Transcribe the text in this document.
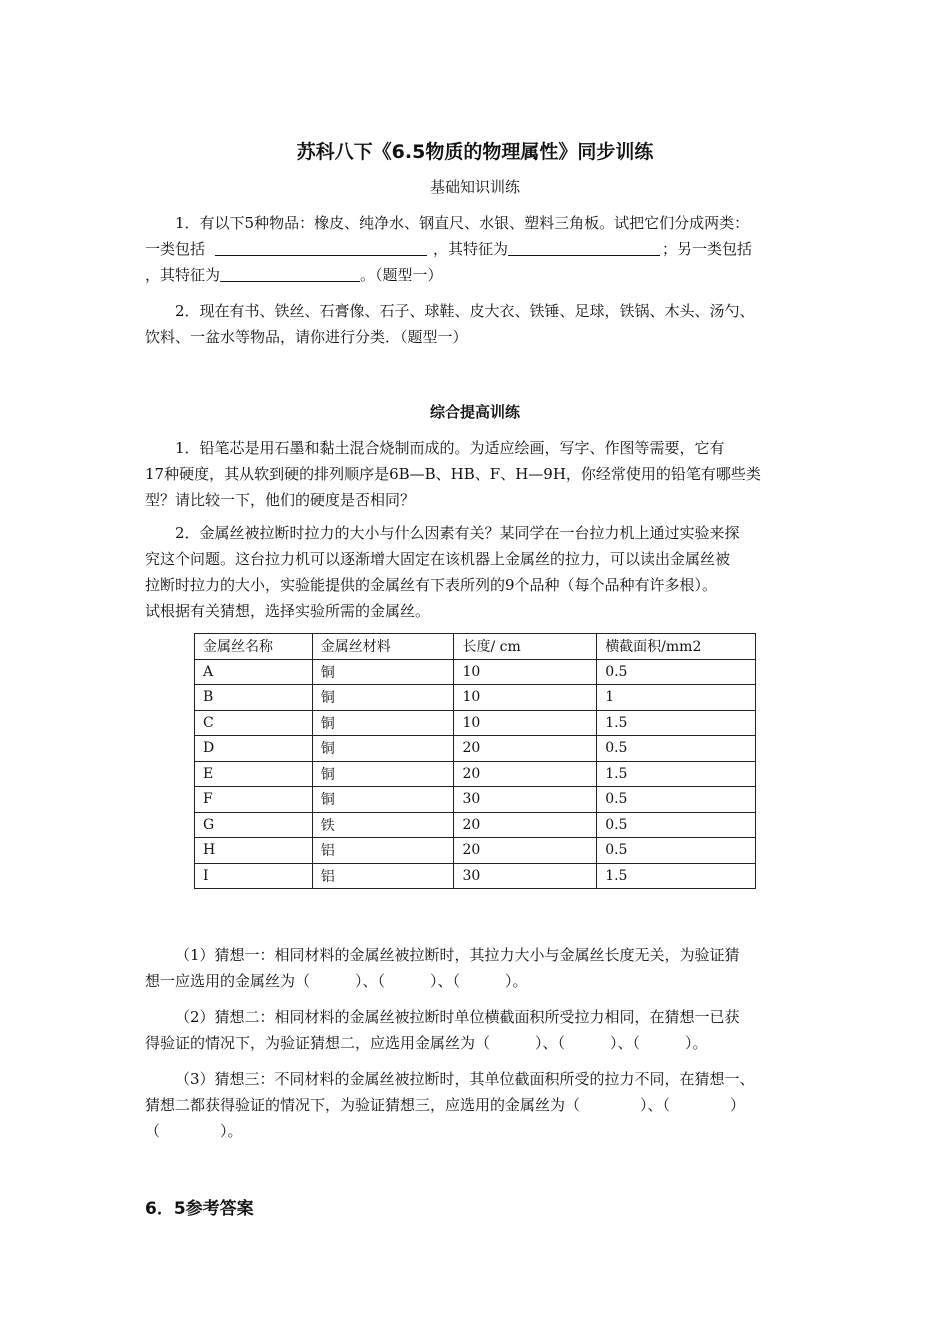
苏科八下《6.5物质的物理属性》同步训练
基础知识训练
1．有以下5种物品：橡皮、纯净水、钢直尺、水银、塑料三角板。试把它们分成两类：
一类包括	，其特征为	；另一类包括
，其特征为	。（题型一）
2．现在有书、铁丝、石膏像、石子、球鞋、皮大衣、铁锤、足球，铁锅、木头、汤勺、
饮料、一盆水等物品，请你进行分类．（题型一）
综合提高训练
1．铅笔芯是用石墨和黏土混合烧制而成的。为适应绘画，写字、作图等需要，它有
17种硬度，其从软到硬的排列顺序是6B—B、HB、F、H—9H，你经常使用的铅笔有哪些类
型？请比较一下，他们的硬度是否相同？
2．金属丝被拉断时拉力的大小与什么因素有关？某同学在一台拉力机上通过实验来探
究这个问题。这台拉力机可以逐渐增大固定在该机器上金属丝的拉力，可以读出金属丝被
拉断时拉力的大小，实验能提供的金属丝有下表所列的9个品种（每个品种有许多根）。
试根据有关猜想，选择实验所需的金属丝。
金属丝名称	金属丝材料	长度/ cm	横截面积/mm2
A	铜	10	0.5
B	铜	10	1
C	铜	10	1.5
D	铜	20	0.5
E	铜	20	1.5
F	铜	30	0.5
G	铁	20	0.5
H	铝	20	0.5
I	铝	30	1.5
（1）猜想一：相同材料的金属丝被拉断时，其拉力大小与金属丝长度无关，为验证猜
想一应选用的金属丝为（　　　）、（　　　）、（　　　）。
（2）猜想二：相同材料的金属丝被拉断时单位横截面积所受拉力相同，在猜想一已获
得验证的情况下，为验证猜想二，应选用金属丝为（　　　）、（　　　）、（　　　）。
（3）猜想三：不同材料的金属丝被拉断时，其单位截面积所受的拉力不同，在猜想一、
猜想二都获得验证的情况下，为验证猜想三，应选用的金属丝为（　　　　）、（　　　　）
（　　　　）。
6．5参考答案
